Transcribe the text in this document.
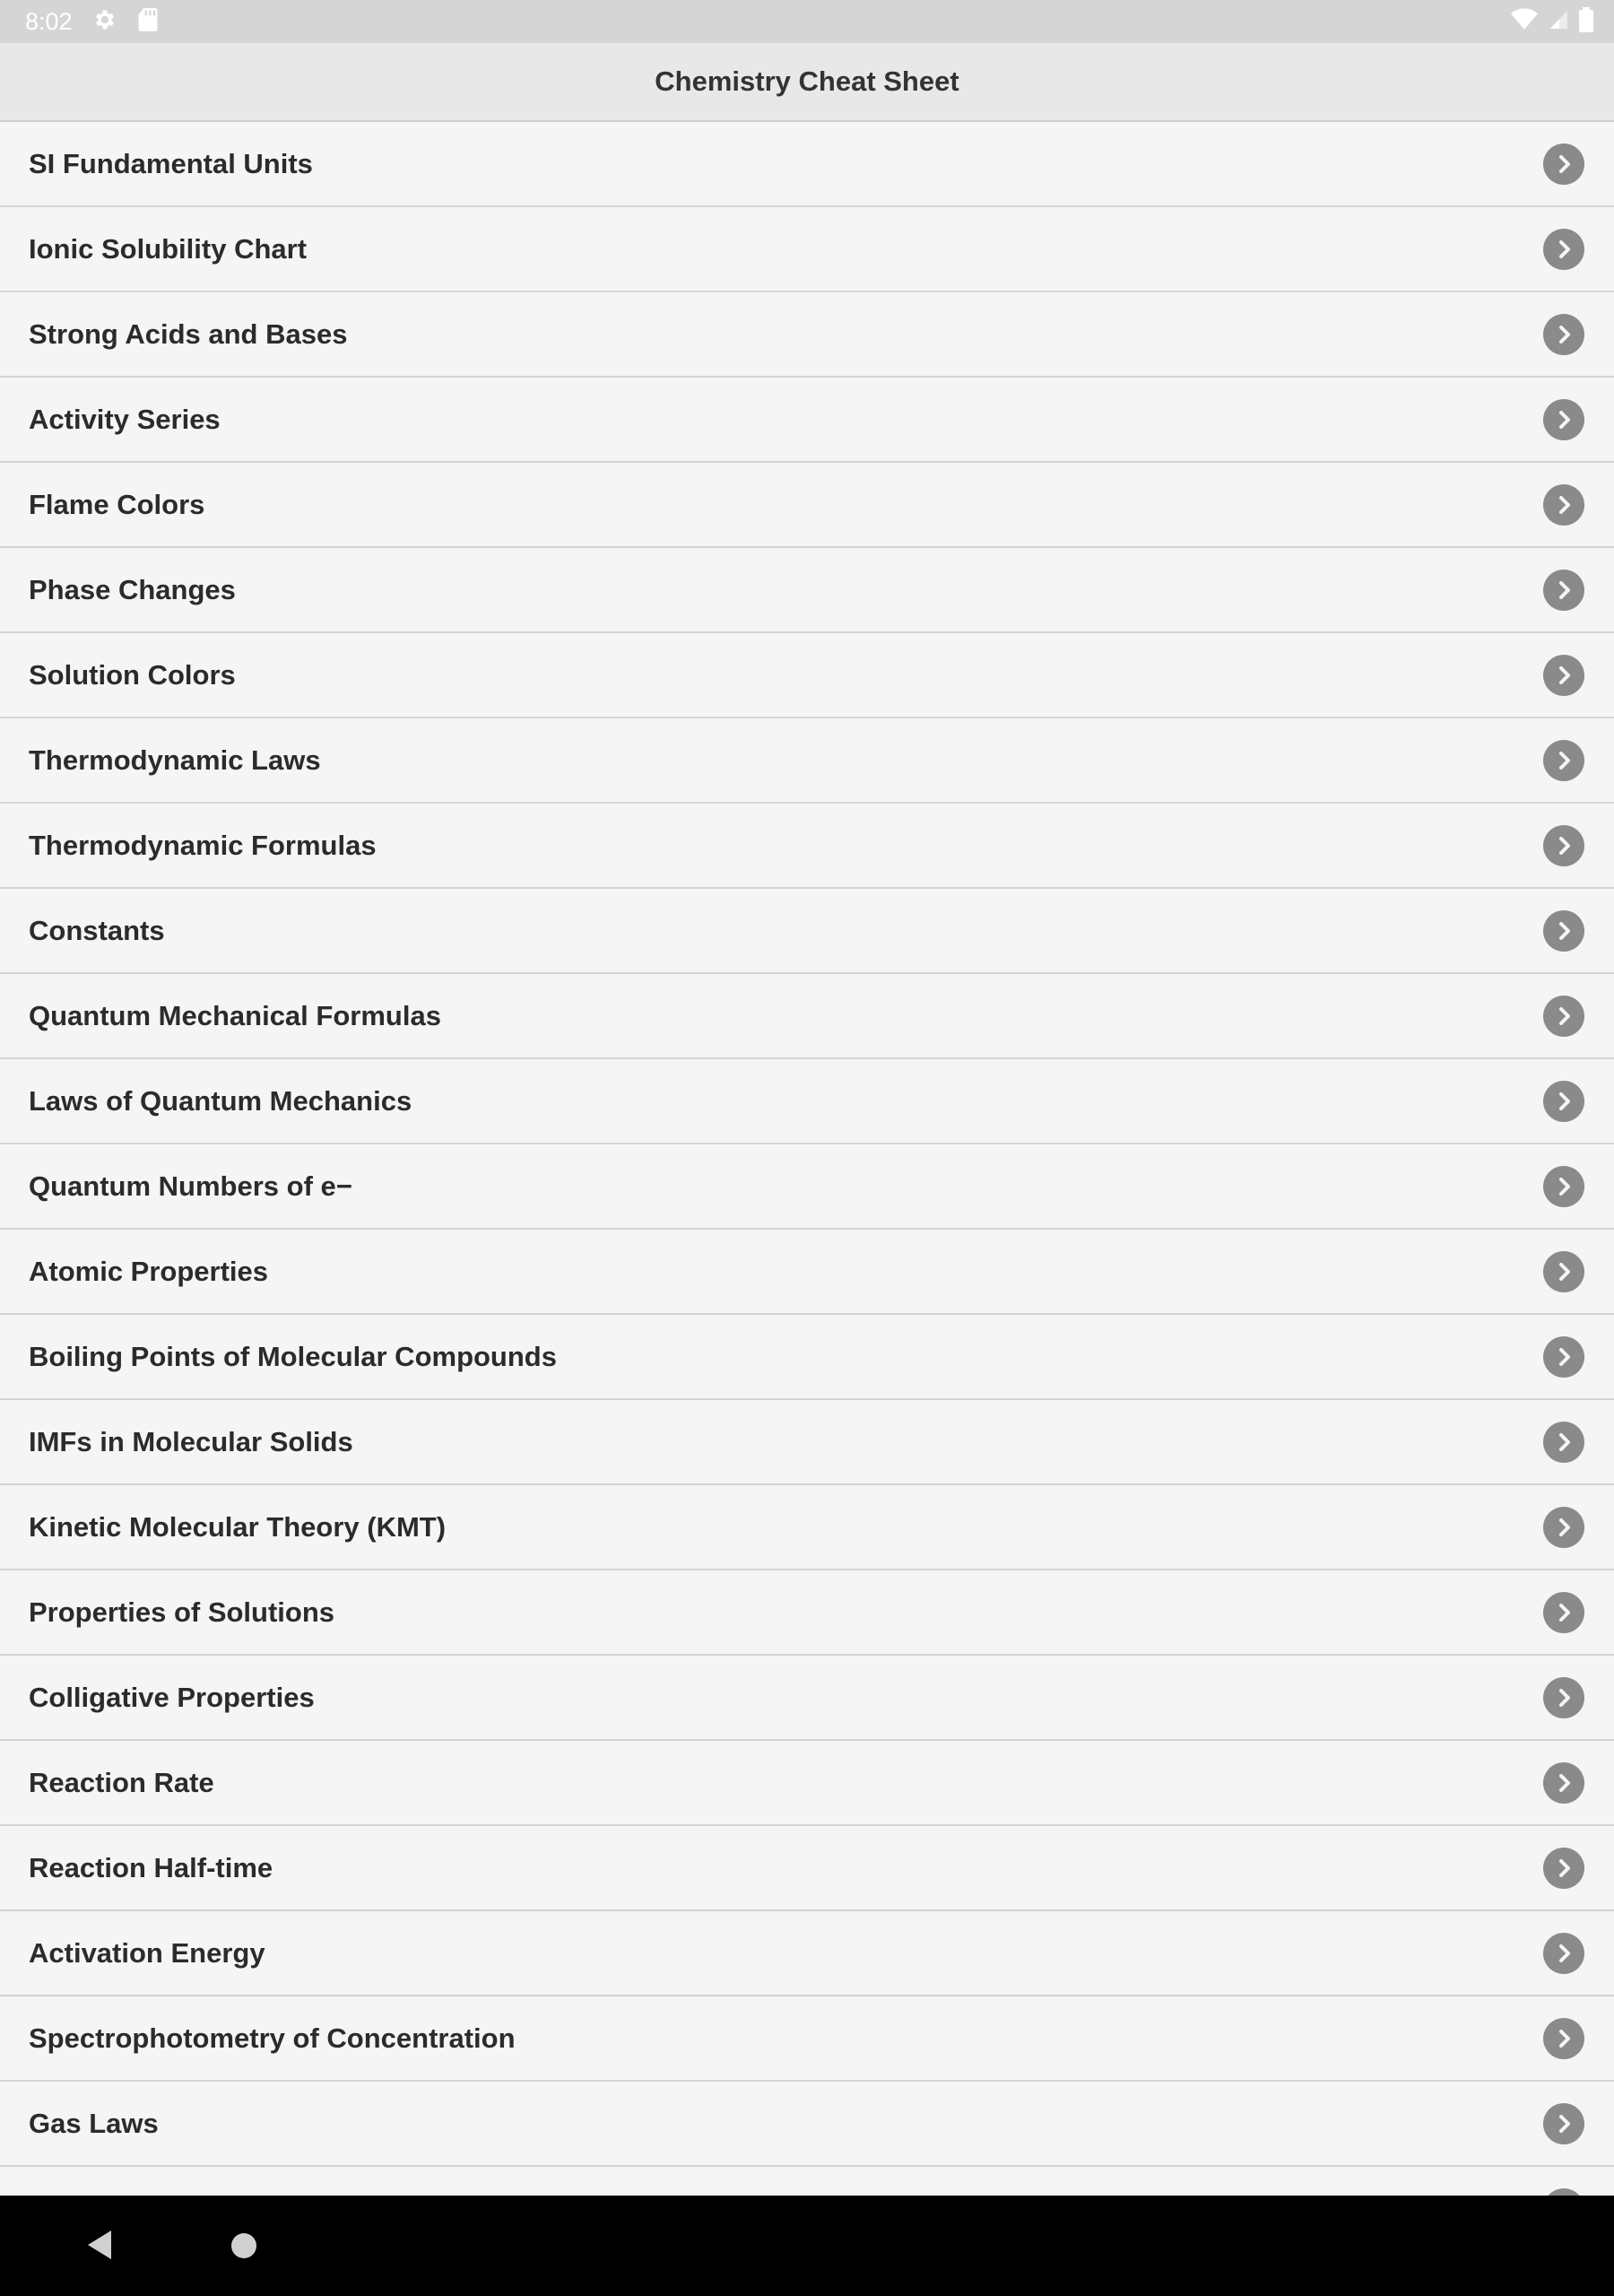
8:02
Chemistry Cheat Sheet
SI Fundamental Units
Ionic Solubility Chart
Strong Acids and Bases
Activity Series
Flame Colors
Phase Changes
Solution Colors
Thermodynamic Laws
Thermodynamic Formulas
Constants
Quantum Mechanical Formulas
Laws of Quantum Mechanics
Quantum Numbers of e−
Atomic Properties
Boiling Points of Molecular Compounds
IMFs in Molecular Solids
Kinetic Molecular Theory (KMT)
Properties of Solutions
Colligative Properties
Reaction Rate
Reaction Half-time
Activation Energy
Spectrophotometry of Concentration
Gas Laws
